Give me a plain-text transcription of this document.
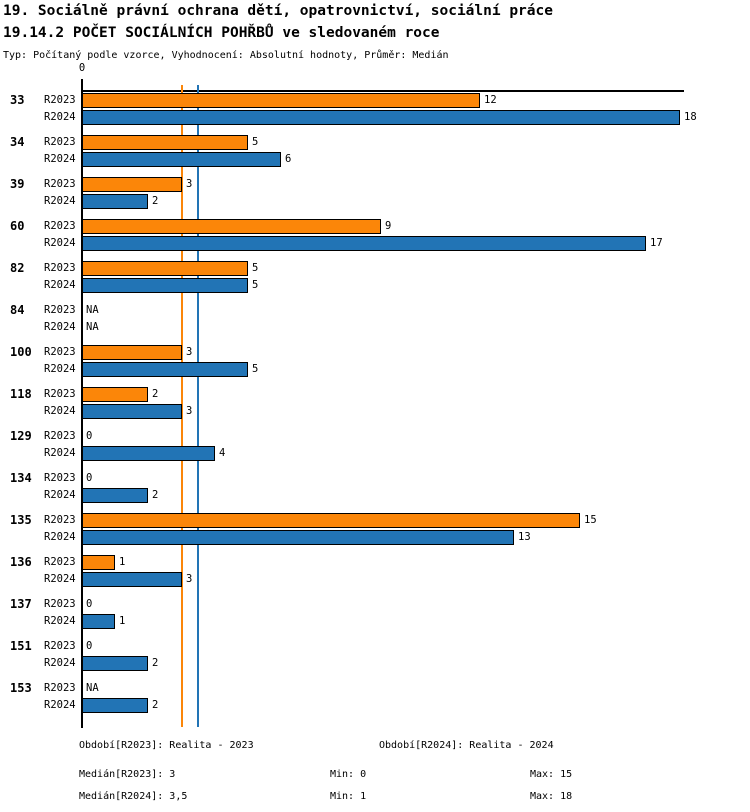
19. Sociálně právní ochrana dětí, opatrovnictví, sociální práce
19.14.2 POČET SOCIÁLNÍCH POHŘBŮ ve sledovaném roce
Typ: Počítaný podle vzorce, Vyhodnocení: Absolutní hodnoty, Průměr: Medián

0

33 R2023	12
R2024	18
34 R2023	5
R2024	6
39 R2023	3
R2024	2
60 R2023	9
R2024	17
82 R2023	5
R2024	5
84 R2023 NA
R2024 NA
100 R2023	3
R2024	5
118 R2023	2
R2024	3
129 R2023 0
R2024	4
134 R2023 0
R2024	2
135 R2023	15
R2024	13
136 R2023	1
R2024	3
137 R2023 0
R2024	1
151 R2023 0
R2024	2
153 R2023 NA
R2024	2
Období[R2023]: Realita - 2023	Období[R2024]: Realita - 2024
Medián[R2023]: 3	Min: 0	Max: 15
Medián[R2024]: 3,5	Min: 1	Max: 18
